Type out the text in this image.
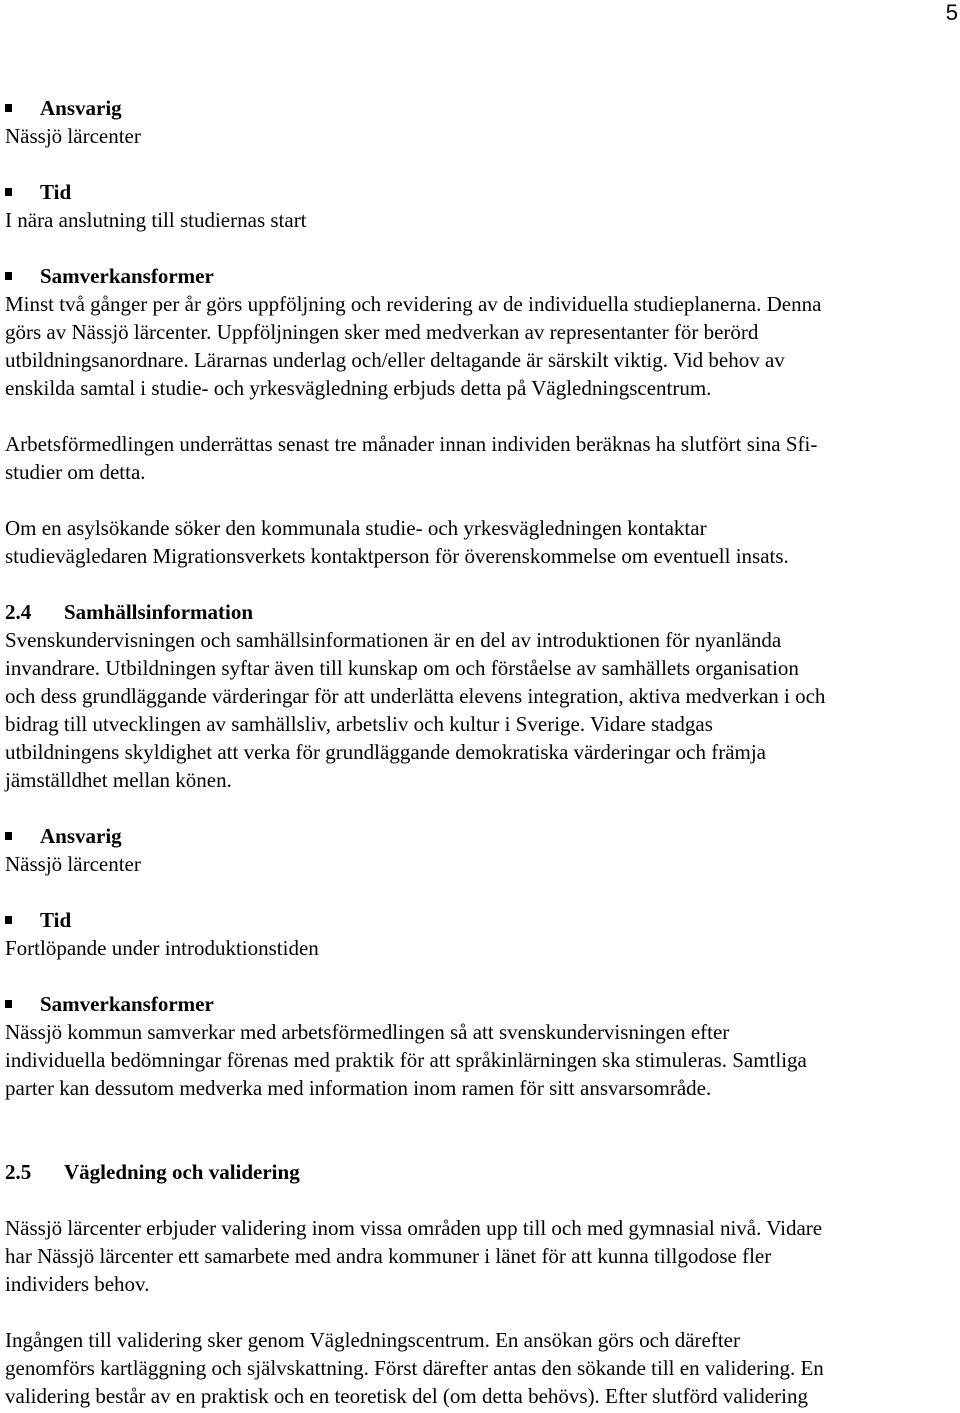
5
Ansvarig

Nässjö lärcenter

Tid

I nära anslutning till studiernas start

Samverkansformer

Minst två gånger per år görs uppföljning och revidering av de individuella studieplanerna. Denna

görs av Nässjö lärcenter. Uppföljningen sker med medverkan av representanter för berörd

utbildningsanordnare. Lärarnas underlag och/eller deltagande är särskilt viktig. Vid behov av

enskilda samtal i studie- och yrkesvägledning erbjuds detta på Vägledningscentrum.

Arbetsförmedlingen underrättas senast tre månader innan individen beräknas ha slutfört sina Sfi-

studier om detta.

Om en asylsökande söker den kommunala studie- och yrkesvägledningen kontaktar

studievägledaren Migrationsverkets kontaktperson för överenskommelse om eventuell insats.

2.4 Samhällsinformation

Svenskundervisningen och samhällsinformationen är en del av introduktionen för nyanlända

invandrare. Utbildningen syftar även till kunskap om och förståelse av samhällets organisation

och dess grundläggande värderingar för att underlätta elevens integration, aktiva medverkan i och

bidrag till utvecklingen av samhällsliv, arbetsliv och kultur i Sverige. Vidare stadgas

utbildningens skyldighet att verka för grundläggande demokratiska värderingar och främja

jämställdhet mellan könen.

Ansvarig

Nässjö lärcenter

Tid

Fortlöpande under introduktionstiden

Samverkansformer

Nässjö kommun samverkar med arbetsförmedlingen så att svenskundervisningen efter

individuella bedömningar förenas med praktik för att språkinlärningen ska stimuleras. Samtliga

parter kan dessutom medverka med information inom ramen för sitt ansvarsområde.

2.5 Vägledning och validering

Nässjö lärcenter erbjuder validering inom vissa områden upp till och med gymnasial nivå. Vidare

har Nässjö lärcenter ett samarbete med andra kommuner i länet för att kunna tillgodose fler

individers behov.

Ingången till validering sker genom Vägledningscentrum. En ansökan görs och därefter

genomförs kartläggning och självskattning. Först därefter antas den sökande till en validering. En

validering består av en praktisk och en teoretisk del (om detta behövs). Efter slutförd validering
